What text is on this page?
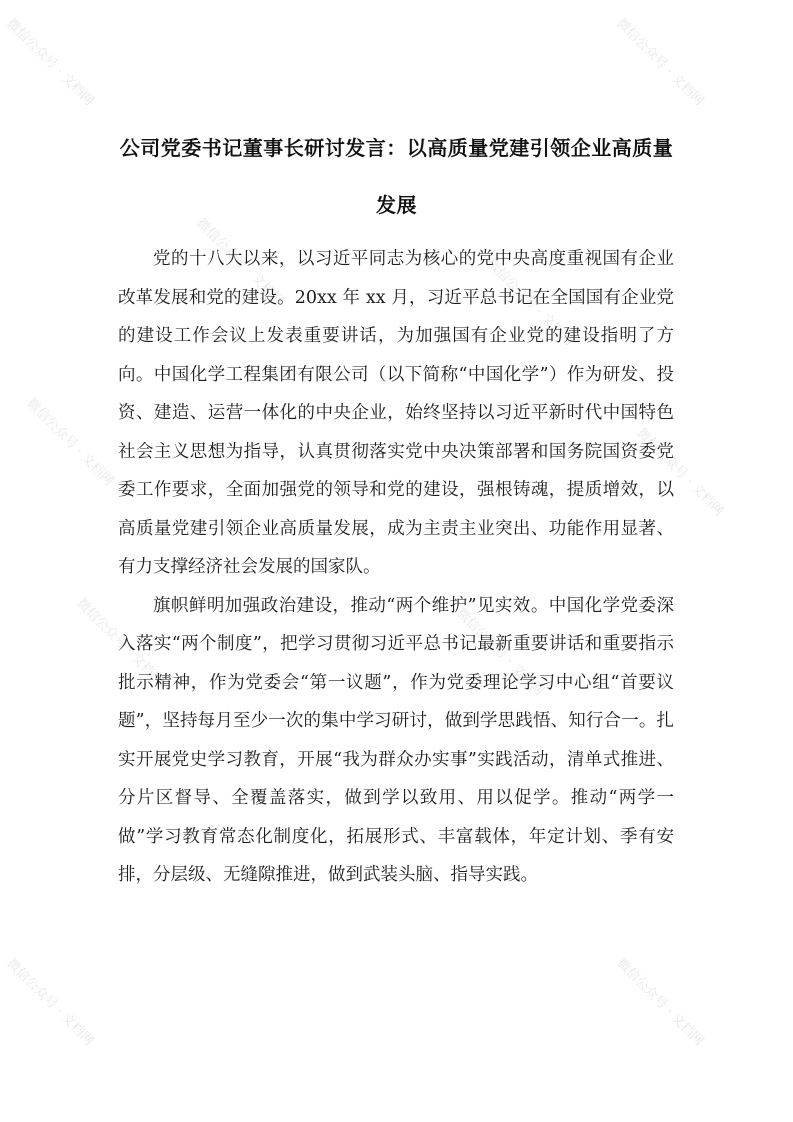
微信公众号 · 文档网	微信公众号 · 文档网
微信公众号 · 文档网	微信公众号 · 文档网
微信公众号 · 文档网	微信公众号 · 文档网
微信公众号 · 文档网	微信公众号 · 文档网
微信公众号 · 文档网	微信公众号 · 文档网
公司党委书记董事长研讨发言：以高质量党建引领企业高质量发展

党的十八大以来，以习近平同志为核心的党中央高度重视国有企业改革发展和党的建设。20xx 年 xx 月，习近平总书记在全国国有企业党的建设工作会议上发表重要讲话，为加强国有企业党的建设指明了方向。中国化学工程集团有限公司（以下简称“中国化学”）作为研发、投资、建造、运营一体化的中央企业，始终坚持以习近平新时代中国特色社会主义思想为指导，认真贯彻落实党中央决策部署和国务院国资委党委工作要求，全面加强党的领导和党的建设，强根铸魂，提质增效，以高质量党建引领企业高质量发展，成为主责主业突出、功能作用显著、有力支撑经济社会发展的国家队。

旗帜鲜明加强政治建设，推动“两个维护”见实效。中国化学党委深入落实“两个制度”，把学习贯彻习近平总书记最新重要讲话和重要指示批示精神，作为党委会“第一议题”，作为党委理论学习中心组“首要议题”，坚持每月至少一次的集中学习研讨，做到学思践悟、知行合一。扎实开展党史学习教育，开展“我为群众办实事”实践活动，清单式推进、分片区督导、全覆盖落实，做到学以致用、用以促学。推动“两学一做”学习教育常态化制度化，拓展形式、丰富载体，年定计划、季有安排，分层级、无缝隙推进，做到武装头脑、指导实践。
